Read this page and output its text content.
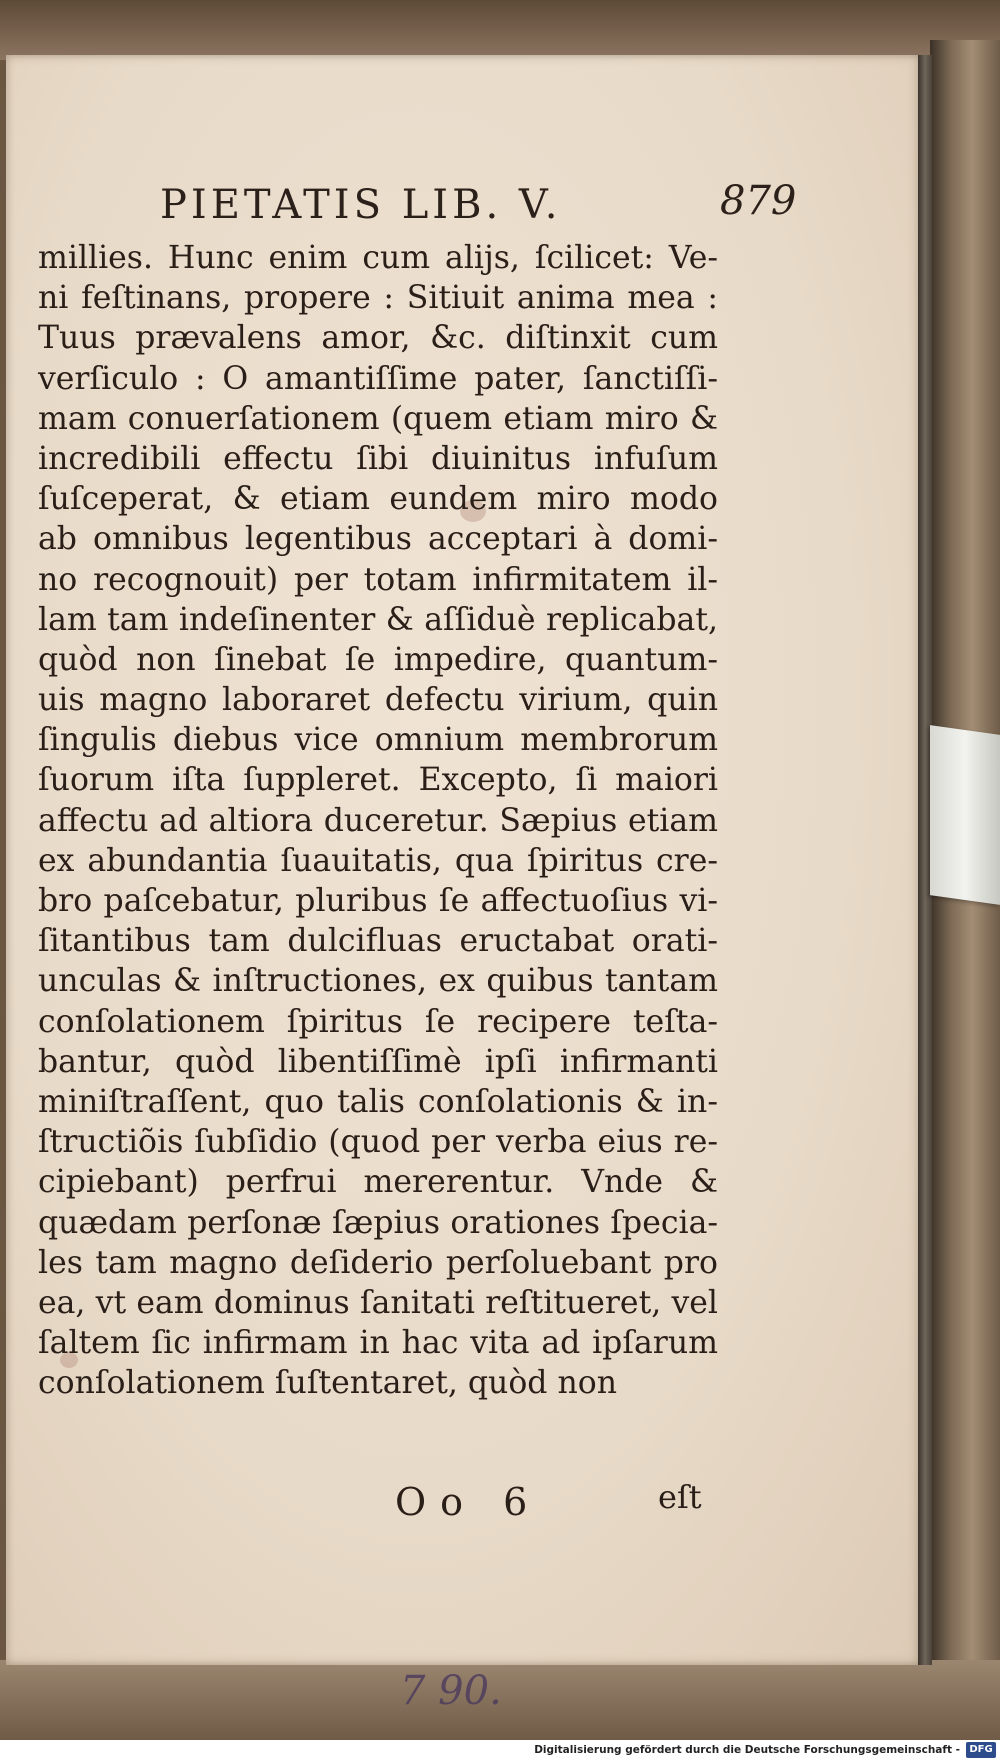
PIETATIS LIB. V.	879
millies. Hunc enim cum alijs, ſcilicet: Ve-
ni feſtinans, propere : Sitiuit anima mea :
Tuus prævalens amor, &c. diſtinxit cum
verſiculo : O amantiſſime pater, ſanctiſſi-
mam conuerſationem (quem etiam miro &
incredibili effectu ſibi diuinitus infuſum
ſuſceperat, & etiam eundem miro modo
ab omnibus legentibus acceptari à domi-
no recognouit) per totam infirmitatem il-
lam tam indeſinenter & aſſiduè replicabat,
quòd non ſinebat ſe impedire, quantum-
uis magno laboraret defectu virium, quin
ſingulis diebus vice omnium membrorum
ſuorum iſta ſuppleret. Excepto, ſi maiori
affectu ad altiora duceretur. Sæpius etiam
ex abundantia ſuauitatis, qua ſpiritus cre-
bro paſcebatur, pluribus ſe affectuoſius vi-
ſitantibus tam dulcifluas eructabat orati-
unculas & inſtructiones, ex quibus tantam
conſolationem ſpiritus ſe recipere teſta-
bantur, quòd libentiſſimè ipſi infirmanti
miniſtraſſent, quo talis conſolationis & in-
ſtructiõis ſubſidio (quod per verba eius re-
cipiebant) perfrui mererentur. Vnde &
quædam perſonæ ſæpius orationes ſpecia-
les tam magno deſiderio perſoluebant pro
ea, vt eam dominus ſanitati reſtitueret, vel
ſaltem ſic infirmam in hac vita ad ipſarum
conſolationem ſuſtentaret, quòd non
Oo 6	eſt
7 90.
Digitalisierung gefördert durch die Deutsche Forschungsgemeinschaft - DFG
